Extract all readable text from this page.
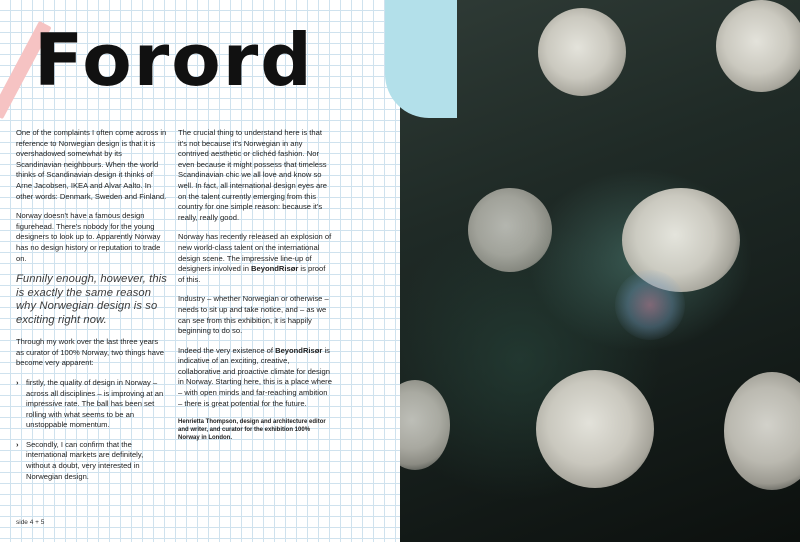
Forord

One of the complaints I often come across in reference to Norwegian design is that it is overshadowed somewhat by its Scandinavian neighbours. When the world thinks of Scandinavian design it thinks of Arne Jacobsen, IKEA and Alvar Aalto. In other words: Denmark, Sweden and Finland.

Norway doesn't have a famous design figurehead. There's nobody for the young designers to look up to. Apparently Norway has no design history or reputation to trade on.

Funnily enough, however, this is exactly the same reason why Norwegian design is so exciting right now.

Through my work over the last three years as curator of 100% Norway, two things have become very apparent:

› firstly, the quality of design in Norway – across all disciplines – is improving at an impressive rate. The ball has been set rolling with what seems to be an unstoppable momentum.
› Secondly, I can confirm that the international markets are definitely, without a doubt, very interested in Norwegian design.

The crucial thing to understand here is that it's not because it's Norwegian in any contrived aesthetic or clichéd fashion. Nor even because it might possess that timeless Scandinavian chic we all love and know so well. In fact, all international design eyes are on the talent currently emerging from this country for one simple reason: because it's really, really good.

Norway has recently released an explosion of new world-class talent on the international design scene. The impressive line-up of designers involved in BeyondRisør is proof of this.

Industry – whether Norwegian or otherwise – needs to sit up and take notice, and – as we can see from this exhibition, it is happily beginning to do so.

Indeed the very existence of BeyondRisør is indicative of an exciting, creative, collaborative and proactive climate for design in Norway. Starting here, this is a place where – with open minds and far-reaching ambition – there is great potential for the future.

Henrietta Thompson, design and architecture editor and writer, and curator for the exhibition 100% Norway in London.

side 4 + 5
